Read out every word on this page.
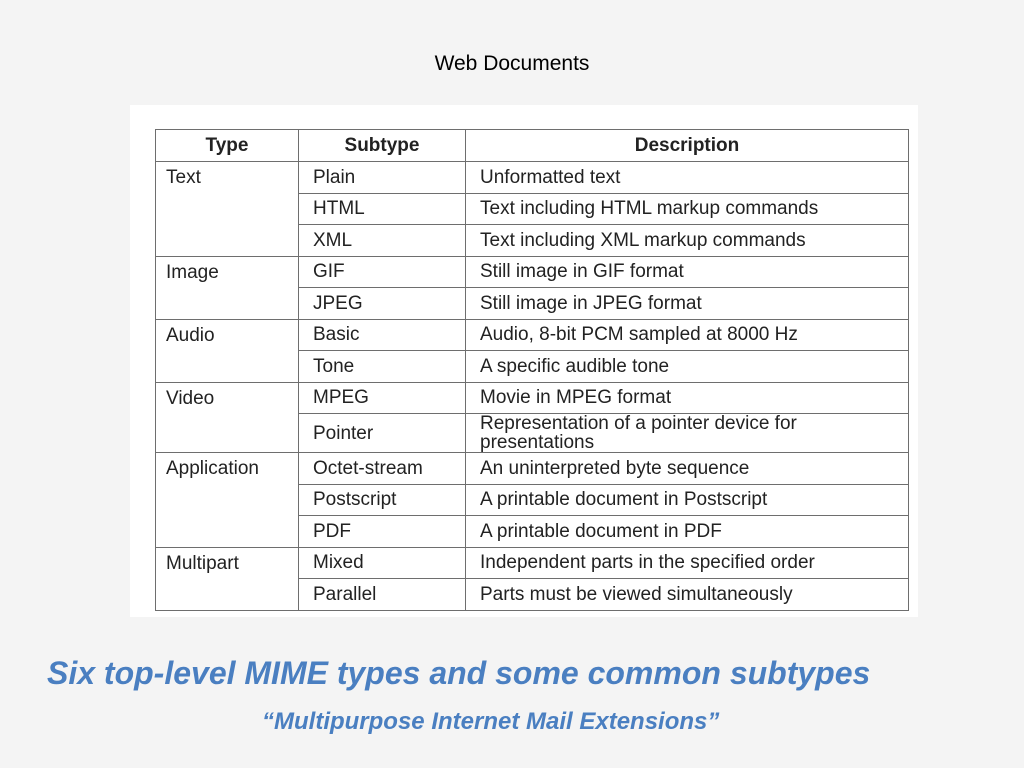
Web Documents
Type	Subtype	Description
Text	Plain	Unformatted text
	HTML	Text including HTML markup commands
	XML	Text including XML markup commands
Image	GIF	Still image in GIF format
	JPEG	Still image in JPEG format
Audio	Basic	Audio, 8-bit PCM sampled at 8000 Hz
	Tone	A specific audible tone
Video	MPEG	Movie in MPEG format
	Pointer	Representation of a pointer device for presentations
Application	Octet-stream	An uninterpreted byte sequence
	Postscript	A printable document in Postscript
	PDF	A printable document in PDF
Multipart	Mixed	Independent parts in the specified order
	Parallel	Parts must be viewed simultaneously
Six top-level MIME types and some common subtypes
“Multipurpose Internet Mail Extensions”
